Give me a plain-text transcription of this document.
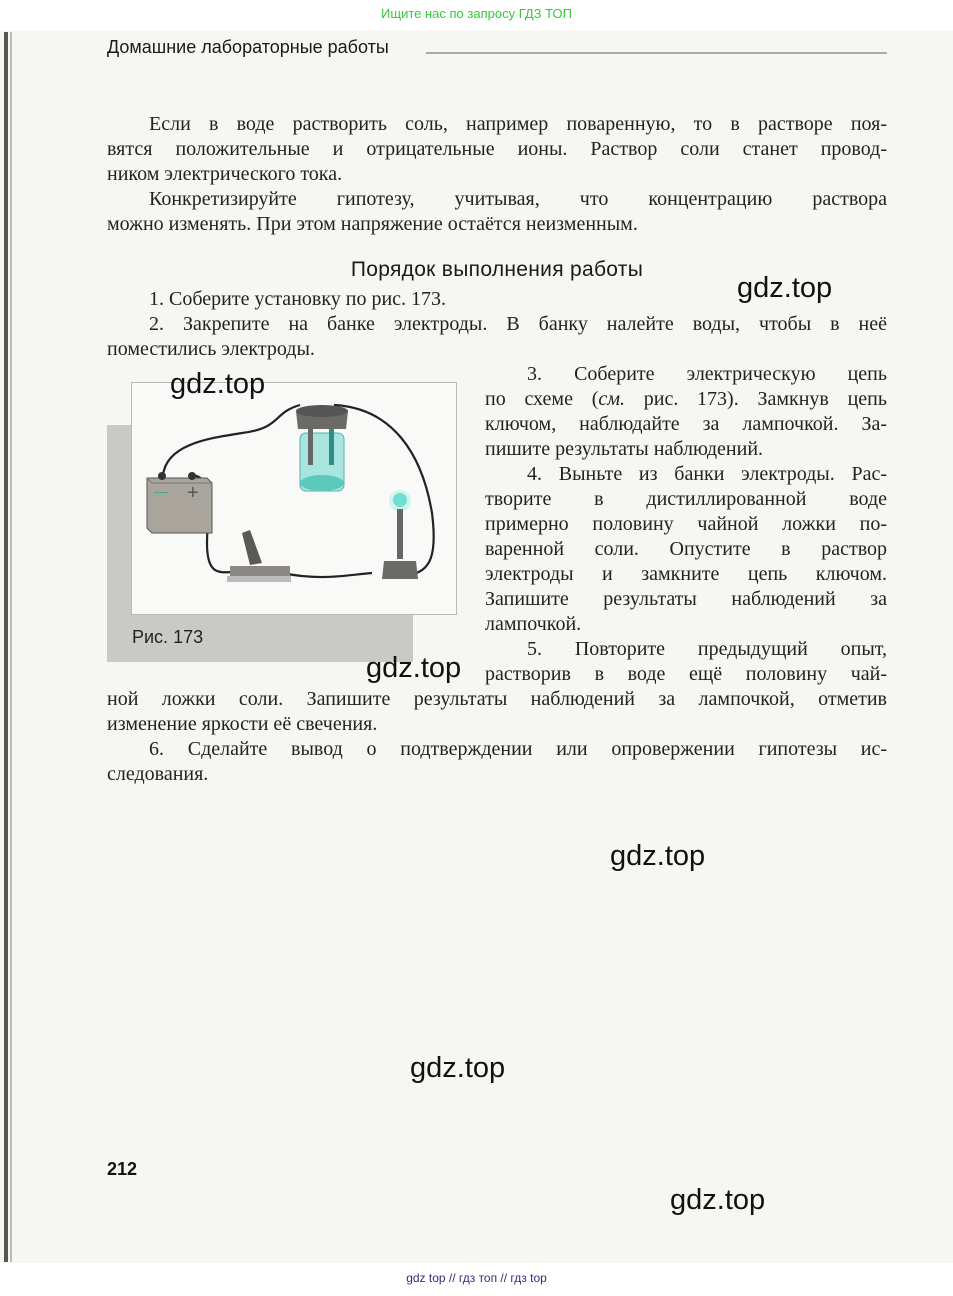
Ищите нас по запросу ГДЗ ТОП
Домашние лабораторные работы
Если в воде растворить соль, например поваренную, то в растворе поя-
вятся положительные и отрицательные ионы. Раствор соли станет провод-
ником электрического тока.
Конкретизируйте гипотезу, учитывая, что концентрацию раствора
можно изменять. При этом напряжение остаётся неизменным.
Порядок выполнения работы
1. Соберите установку по рис. 173.
2. Закрепите на банке электроды. В банку налейте воды, чтобы в неё
поместились электроды.
3. Соберите электрическую цепь
по схеме (см. рис. 173). Замкнув цепь
ключом, наблюдайте за лампочкой. За-
пишите результаты наблюдений.
4. Выньте из банки электроды. Рас-
творите в дистиллированной воде
примерно половину чайной ложки по-
варенной соли. Опустите в раствор
электроды и замкните цепь ключом.
Запишите результаты наблюдений за
лампочкой.
5. Повторите предыдущий опыт,
растворив в воде ещё половину чай-
ной ложки соли. Запишите результаты наблюдений за лампочкой, отметив
изменение яркости её свечения.
6. Сделайте вывод о подтверждении или опровержении гипотезы ис-
следования.
— +
Рис. 173
gdz.top
gdz.top
gdz.top
gdz.top
gdz.top
gdz.top
212
gdz top // гдз топ // гдз top
